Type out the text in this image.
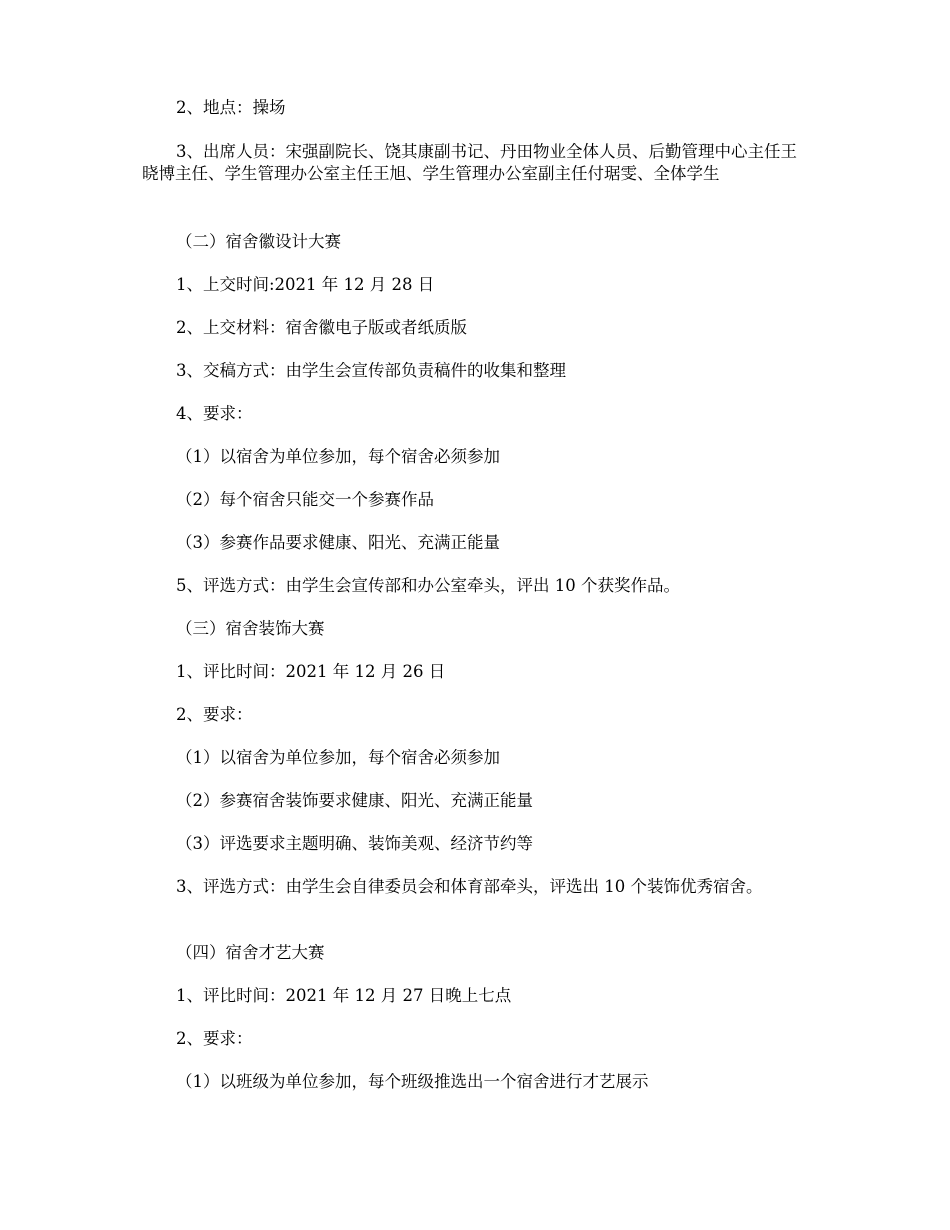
2、地点：操场
3、出席人员：宋强副院长、饶其康副书记、丹田物业全体人员、后勤管理中心主任王晓博主任、学生管理办公室主任王旭、学生管理办公室副主任付琚雯、全体学生
（二）宿舍徽设计大赛
1、上交时间:2021 年 12 月 28 日
2、上交材料：宿舍徽电子版或者纸质版
3、交稿方式：由学生会宣传部负责稿件的收集和整理
4、要求：
（1）以宿舍为单位参加，每个宿舍必须参加
（2）每个宿舍只能交一个参赛作品
（3）参赛作品要求健康、阳光、充满正能量
5、评选方式：由学生会宣传部和办公室牵头，评出 10 个获奖作品。
（三）宿舍装饰大赛
1、评比时间：2021 年 12 月 26 日
2、要求：
（1）以宿舍为单位参加，每个宿舍必须参加
（2）参赛宿舍装饰要求健康、阳光、充满正能量
（3）评选要求主题明确、装饰美观、经济节约等
3、评选方式：由学生会自律委员会和体育部牵头，评选出 10 个装饰优秀宿舍。
（四）宿舍才艺大赛
1、评比时间：2021 年 12 月 27 日晚上七点
2、要求：
（1）以班级为单位参加，每个班级推选出一个宿舍进行才艺展示
